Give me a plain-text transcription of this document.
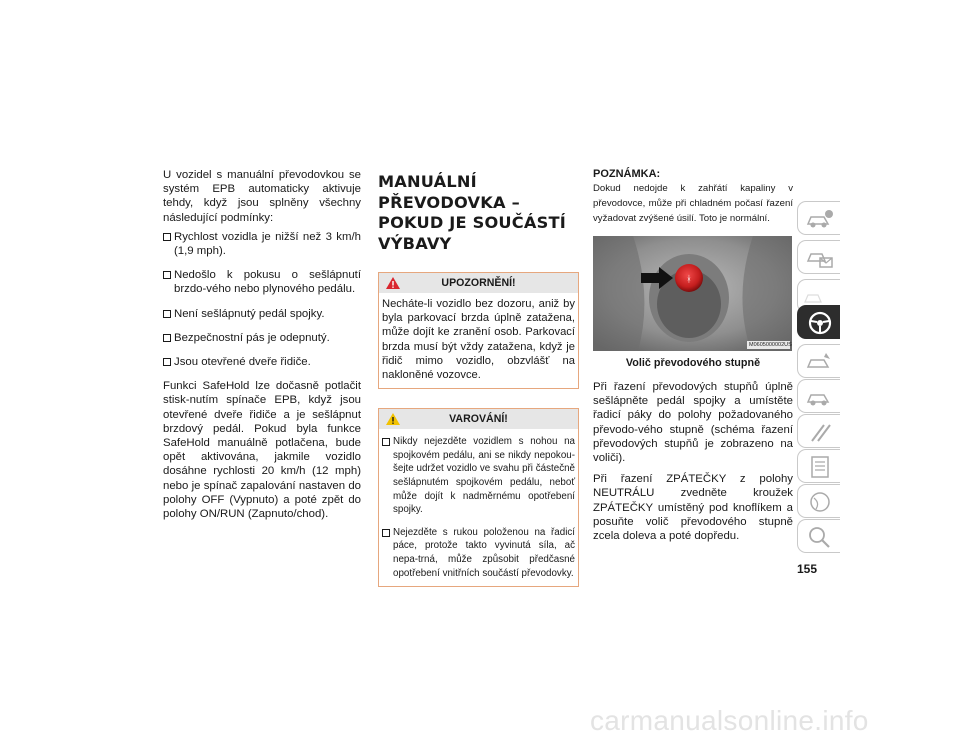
U vozidel s manuální převodovkou se systém EPB automaticky aktivuje tehdy, když jsou splněny všechny následující podmínky:

Rychlost vozidla je nižší než 3 km/h (1,9 mph).
Nedošlo k pokusu o sešlápnutí brzdo-vého nebo plynového pedálu.
Není sešlápnutý pedál spojky.
Bezpečnostní pás je odepnutý.
Jsou otevřené dveře řidiče.

Funkci SafeHold lze dočasně potlačit stisk-nutím spínače EPB, když jsou otevřené dveře řidiče a je sešlápnut brzdový pedál. Pokud byla funkce SafeHold manuálně potlačena, bude opět aktivována, jakmile vozidlo dosáhne rychlosti 20 km/h (12 mph) nebo je spínač zapalování nastaven do polohy OFF (Vypnuto) a poté zpět do polohy ON/RUN (Zapnuto/chod).

MANUÁLNÍ PŘEVODOVKA – POKUD JE SOUČÁSTÍ VÝBAVY
UPOZORNĚNÍ!

Necháte-li vozidlo bez dozoru, aniž by byla parkovací brzda úplně zatažena, může dojít ke zranění osob. Parkovací brzda musí být vždy zatažena, když je řidič mimo vozidlo, obzvlášť na nakloněné vozovce.

VAROVÁNÍ!
Nikdy nejezděte vozidlem s nohou na spojkovém pedálu, ani se nikdy nepokou-šejte udržet vozidlo ve svahu při částečně sešlápnutém spojkovém pedálu, neboť může dojít k nadměrnému opotřebení spojky.
Nejezděte s rukou položenou na řadicí páce, protože takto vyvinutá síla, ač nepa-trná, může způsobit předčasné opotřebení vnitřních součástí převodovky.
POZNÁMKA:
Dokud nedojde k zahřátí kapaliny v převodovce, může při chladném počasí řazení vyžadovat zvýšené úsilí. Toto je normální.
ᚼ
M0605000002US
Volič převodového stupně

Při řazení převodových stupňů úplně sešlápněte pedál spojky a umístěte řadicí páky do polohy požadovaného převodo-vého stupně (schéma řazení převodových stupňů je zobrazeno na voliči).

Při řazení ZPÁTEČKY z polohy NEUTRÁLU zvedněte kroužek ZPÁTEČKY umístěný pod knoflíkem a posuňte volič převodového stupně zcela doleva a poté dopředu.

155
carmanualsonline.info
